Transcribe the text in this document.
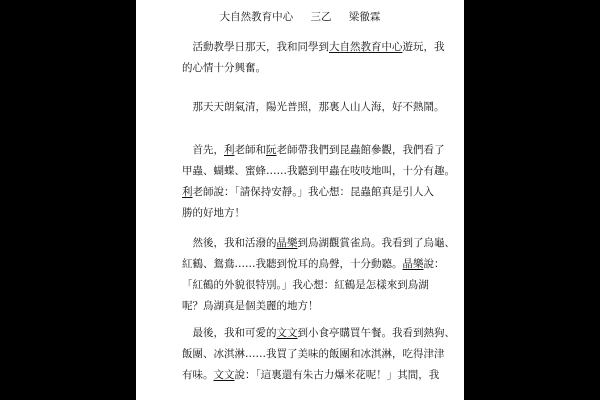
大自然教育中心 三乙 梁徹霖
　活動教學日那天，我和同學到大自然教育中心遊玩，我
的心情十分興奮。
　那天天朗氣清，陽光普照，那裏人山人海，好不熱鬧。
　首先，利老師和阮老師帶我們到昆蟲館參觀，我們看了
甲蟲、蝴蝶、蜜蜂……我聽到甲蟲在吱吱地叫，十分有趣。
利老師說：「請保持安靜。」我心想：昆蟲館真是引人入
勝的好地方！
　然後，我和活潑的晶樂到鳥湖觀賞雀鳥。我看到了烏龜、
紅鶴、鴛鴦……我聽到悅耳的鳥聲，十分動聽。晶樂說：
「紅鶴的外貌很特別。」我心想：紅鶴是怎樣來到鳥湖
呢？鳥湖真是個美麗的地方！
　最後，我和可愛的文文到小食亭購買午餐。我看到熱狗、
飯團、冰淇淋……我買了美味的飯團和冰淇淋，吃得津津
有味。文文說：「這裏還有朱古力爆米花呢！」其間，我
